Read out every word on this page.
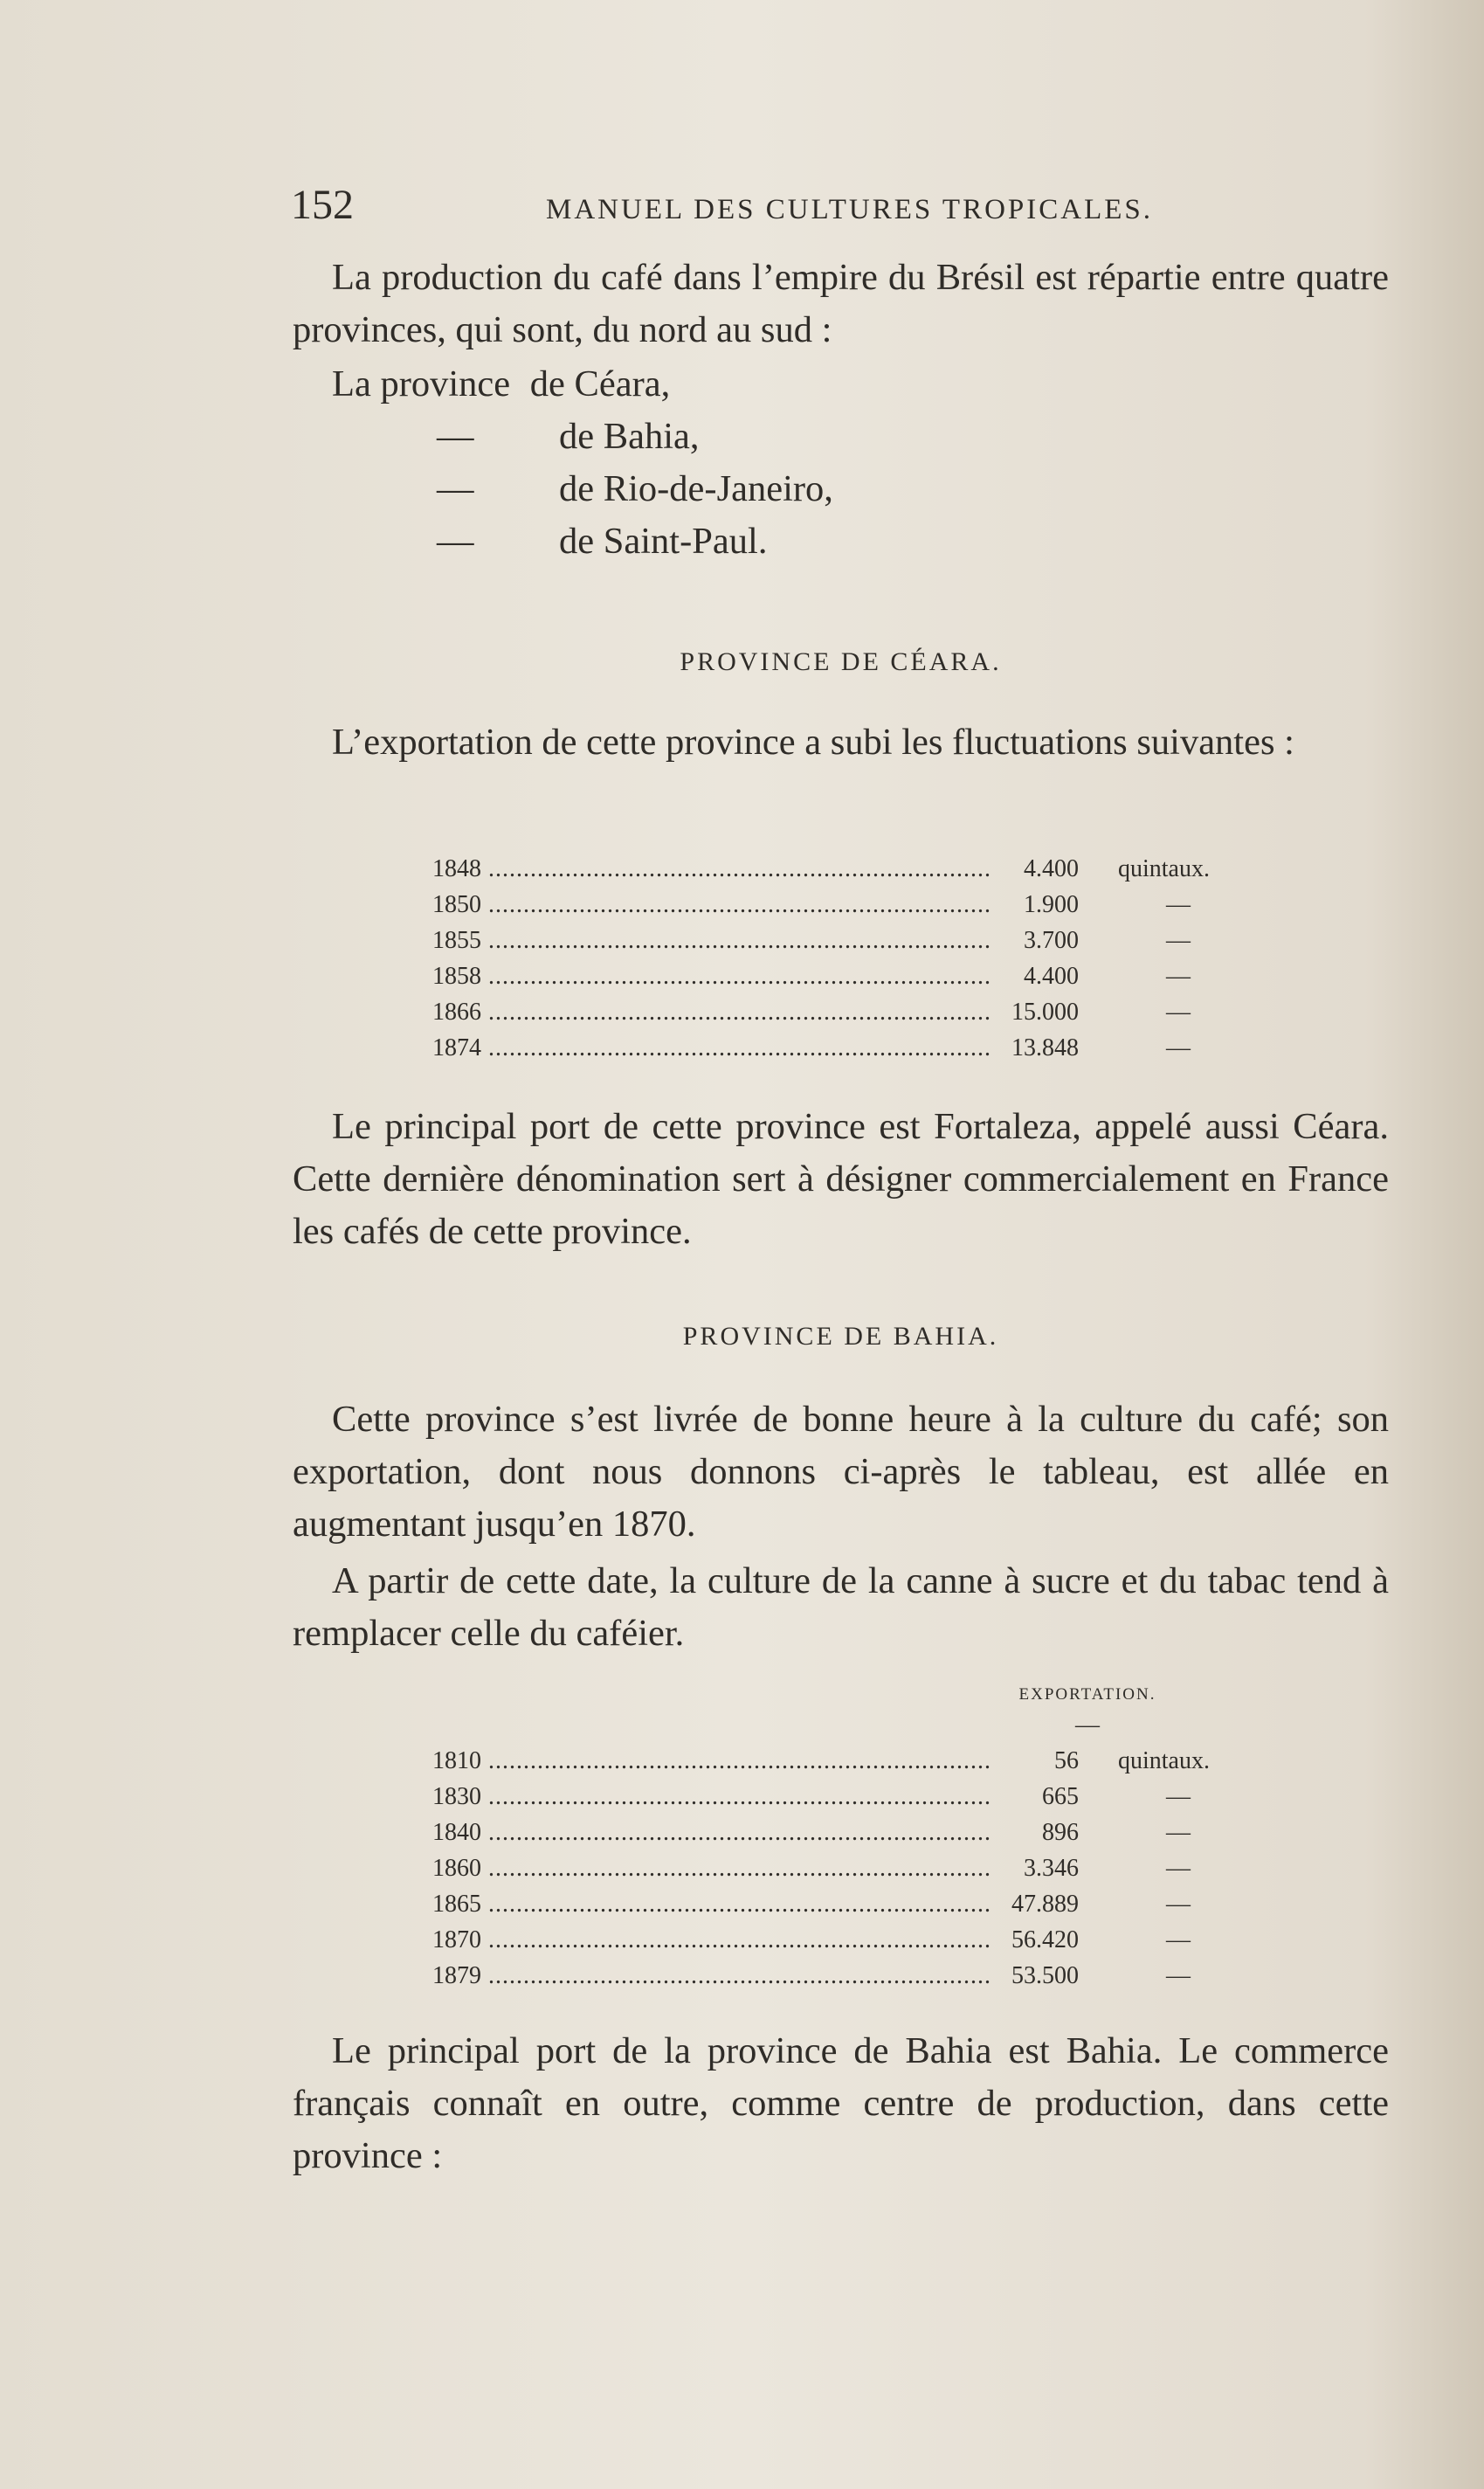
152	MANUEL DES CULTURES TROPICALES.

La production du café dans l’empire du Brésil est répartie entre quatre provinces, qui sont, du nord au sud :

La province de Céara,
— de Bahia,
— de Rio-de-Janeiro,
— de Saint-Paul.
PROVINCE DE CÉARA.

L’exportation de cette province a subi les fluctuations suivantes :

1848 .....	4.400 quintaux.
1850 .....	1.900	—
1855 .....	3.700	—
1858 .....	4.400	—
1866 .....	15.000	—
1874 .....	13.848	—

Le principal port de cette province est Fortaleza, appelé aussi Céara. Cette dernière dénomination sert à désigner commercialement en France les cafés de cette province.

PROVINCE DE BAHIA.

Cette province s’est livrée de bonne heure à la culture du café; son exportation, dont nous donnons ci-après le tableau, est allée en augmentant jusqu’en 1870.

A partir de cette date, la culture de la canne à sucre et du tabac tend à remplacer celle du caféier.

EXPORTATION.
—
1810 .....	56 quintaux.
1830 .....	665	—
1840 .....	896	—
1860 .....	3.346	—
1865 .....	47.889	—
1870 .....	56.420	—
1879 .....	53.500	—

Le principal port de la province de Bahia est Bahia. Le commerce français connaît en outre, comme centre de production, dans cette province :
